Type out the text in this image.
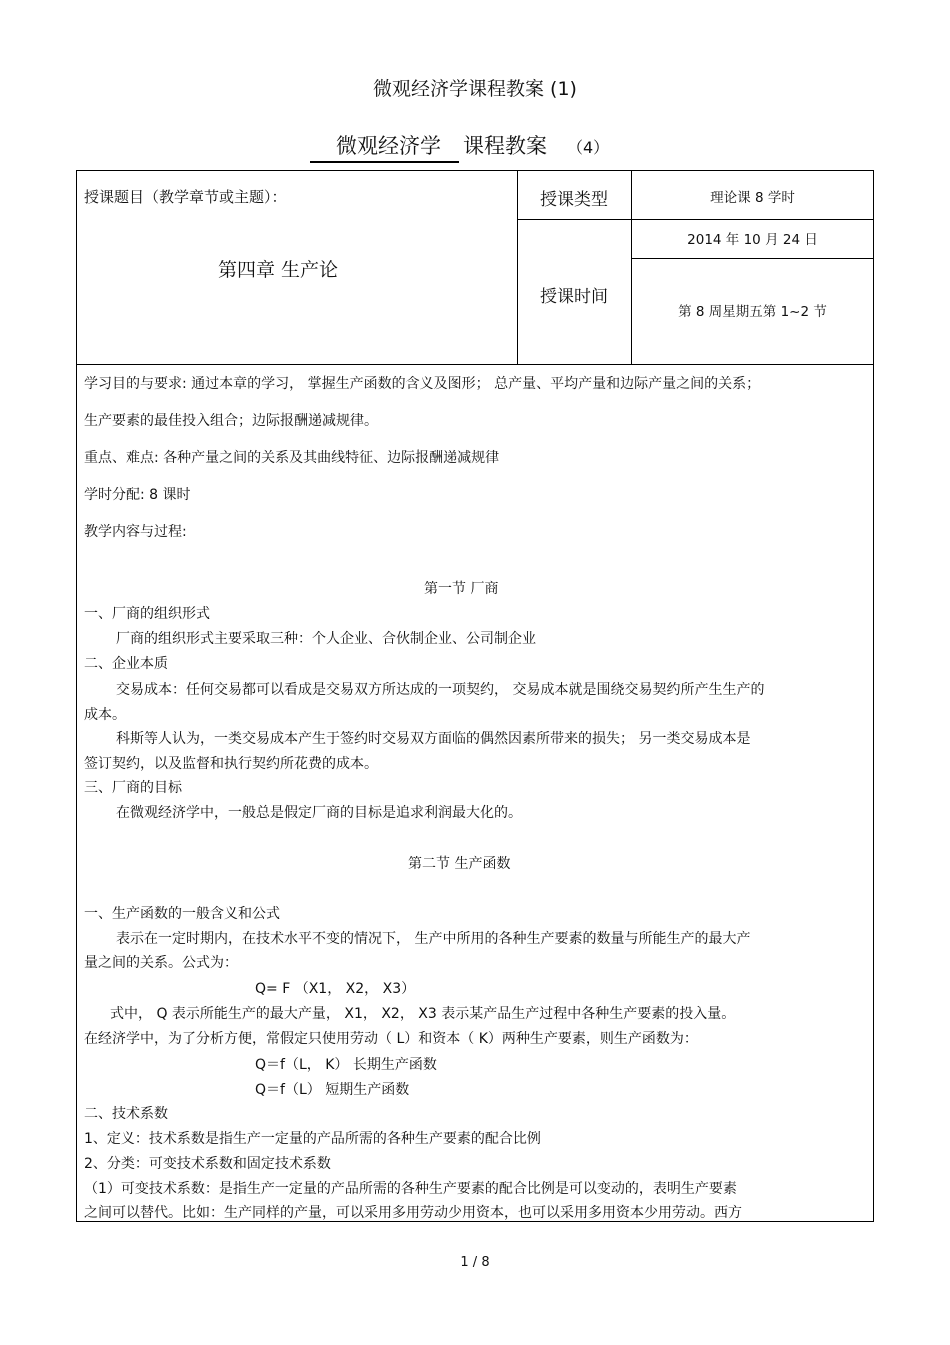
微观经济学课程教案 (1)
微观经济学 课程教案 （4）
授课题目（教学章节或主题）：
第四章 生产论
授课类型	理论课 8 学时
授课时间
2014 年 10 月 24 日
第 8 周星期五第 1~2 节
学习目的与要求: 通过本章的学习， 掌握生产函数的含义及图形； 总产量、平均产量和边际产量之间的关系；
生产要素的最佳投入组合；边际报酬递减规律。
重点、难点: 各种产量之间的关系及其曲线特征、边际报酬递减规律
学时分配: 8 课时
教学内容与过程:
第一节 厂商
一、厂商的组织形式
厂商的组织形式主要采取三种：个人企业、合伙制企业、公司制企业
二、企业本质
交易成本：任何交易都可以看成是交易双方所达成的一项契约， 交易成本就是围绕交易契约所产生生产的
成本。
科斯等人认为，一类交易成本产生于签约时交易双方面临的偶然因素所带来的损失； 另一类交易成本是
签订契约，以及监督和执行契约所花费的成本。
三、厂商的目标
在微观经济学中，一般总是假定厂商的目标是追求利润最大化的。
第二节 生产函数
一、生产函数的一般含义和公式
表示在一定时期内，在技术水平不变的情况下， 生产中所用的各种生产要素的数量与所能生产的最大产
量之间的关系。公式为：
Q= F （X1， X2， X3）
式中， Q 表示所能生产的最大产量， X1， X2， X3 表示某产品生产过程中各种生产要素的投入量。
在经济学中，为了分析方便，常假定只使用劳动（ L）和资本（ K）两种生产要素，则生产函数为：
Q＝f（L， K） 长期生产函数
Q＝f（L） 短期生产函数
二、技术系数
1、定义：技术系数是指生产一定量的产品所需的各种生产要素的配合比例
2、分类：可变技术系数和固定技术系数
（1）可变技术系数：是指生产一定量的产品所需的各种生产要素的配合比例是可以变动的，表明生产要素
之间可以替代。比如：生产同样的产量，可以采用多用劳动少用资本，也可以采用多用资本少用劳动。西方
1 / 8
